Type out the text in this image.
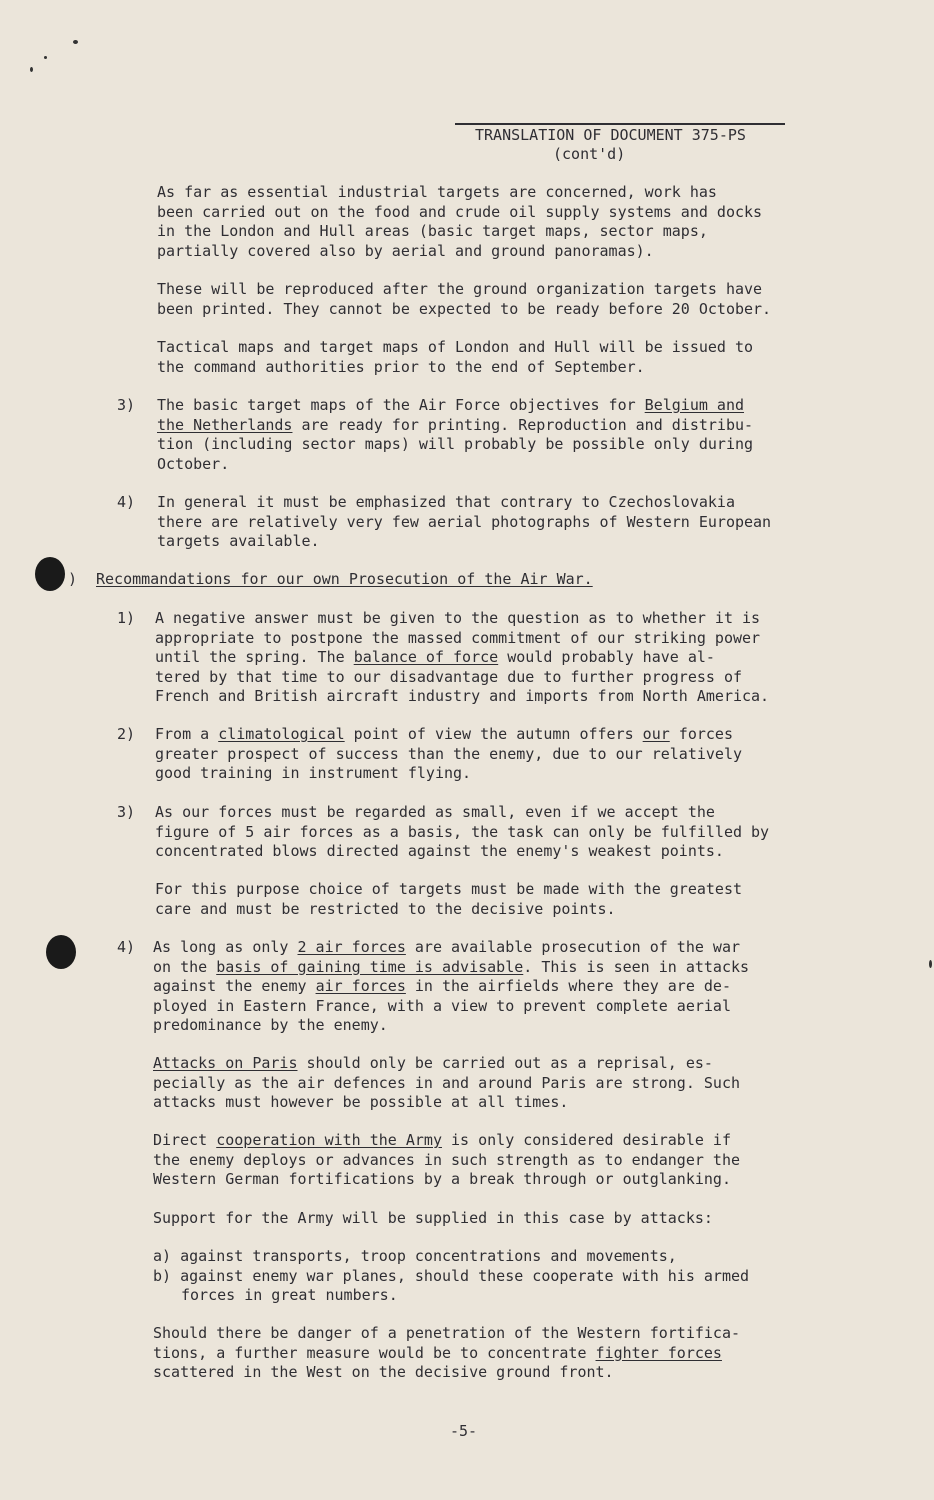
TRANSLATION OF DOCUMENT 375-PS
(cont'd)
As far as essential industrial targets are concerned, work has
been carried out on the food and crude oil supply systems and docks
in the London and Hull areas (basic target maps, sector maps,
partially covered also by aerial and ground panoramas).
These will be reproduced after the ground organization targets have
been printed. They cannot be expected to be ready before 20 October.
Tactical maps and target maps of London and Hull will be issued to
the command authorities prior to the end of September.
3)	The basic target maps of the Air Force objectives for Belgium and
the Netherlands are ready for printing. Reproduction and distribu-
tion (including sector maps) will probably be possible only during
October.
4)	In general it must be emphasized that contrary to Czechoslovakia
there are relatively very few aerial photographs of Western European
targets available.
) Recommandations for our own Prosecution of the Air War.
1)	A negative answer must be given to the question as to whether it is
appropriate to postpone the massed commitment of our striking power
until the spring. The balance of force would probably have al-
tered by that time to our disadvantage due to further progress of
French and British aircraft industry and imports from North America.
2)	From a climatological point of view the autumn offers our forces
greater prospect of success than the enemy, due to our relatively
good training in instrument flying.
3)	As our forces must be regarded as small, even if we accept the
figure of 5 air forces as a basis, the task can only be fulfilled by
concentrated blows directed against the enemy's weakest points.
For this purpose choice of targets must be made with the greatest
care and must be restricted to the decisive points.
4)	As long as only 2 air forces are available prosecution of the war
on the basis of gaining time is advisable. This is seen in attacks
against the enemy air forces in the airfields where they are de-
ployed in Eastern France, with a view to prevent complete aerial
predominance by the enemy.
Attacks on Paris should only be carried out as a reprisal, es-
pecially as the air defences in and around Paris are strong. Such
attacks must however be possible at all times.
Direct cooperation with the Army is only considered desirable if
the enemy deploys or advances in such strength as to endanger the
Western German fortifications by a break through or outglanking.
Support for the Army will be supplied in this case by attacks:
a) against transports, troop concentrations and movements,
b) against enemy war planes, should these cooperate with his armed
forces in great numbers.
Should there be danger of a penetration of the Western fortifica-
tions, a further measure would be to concentrate fighter forces
scattered in the West on the decisive ground front.
-5-
